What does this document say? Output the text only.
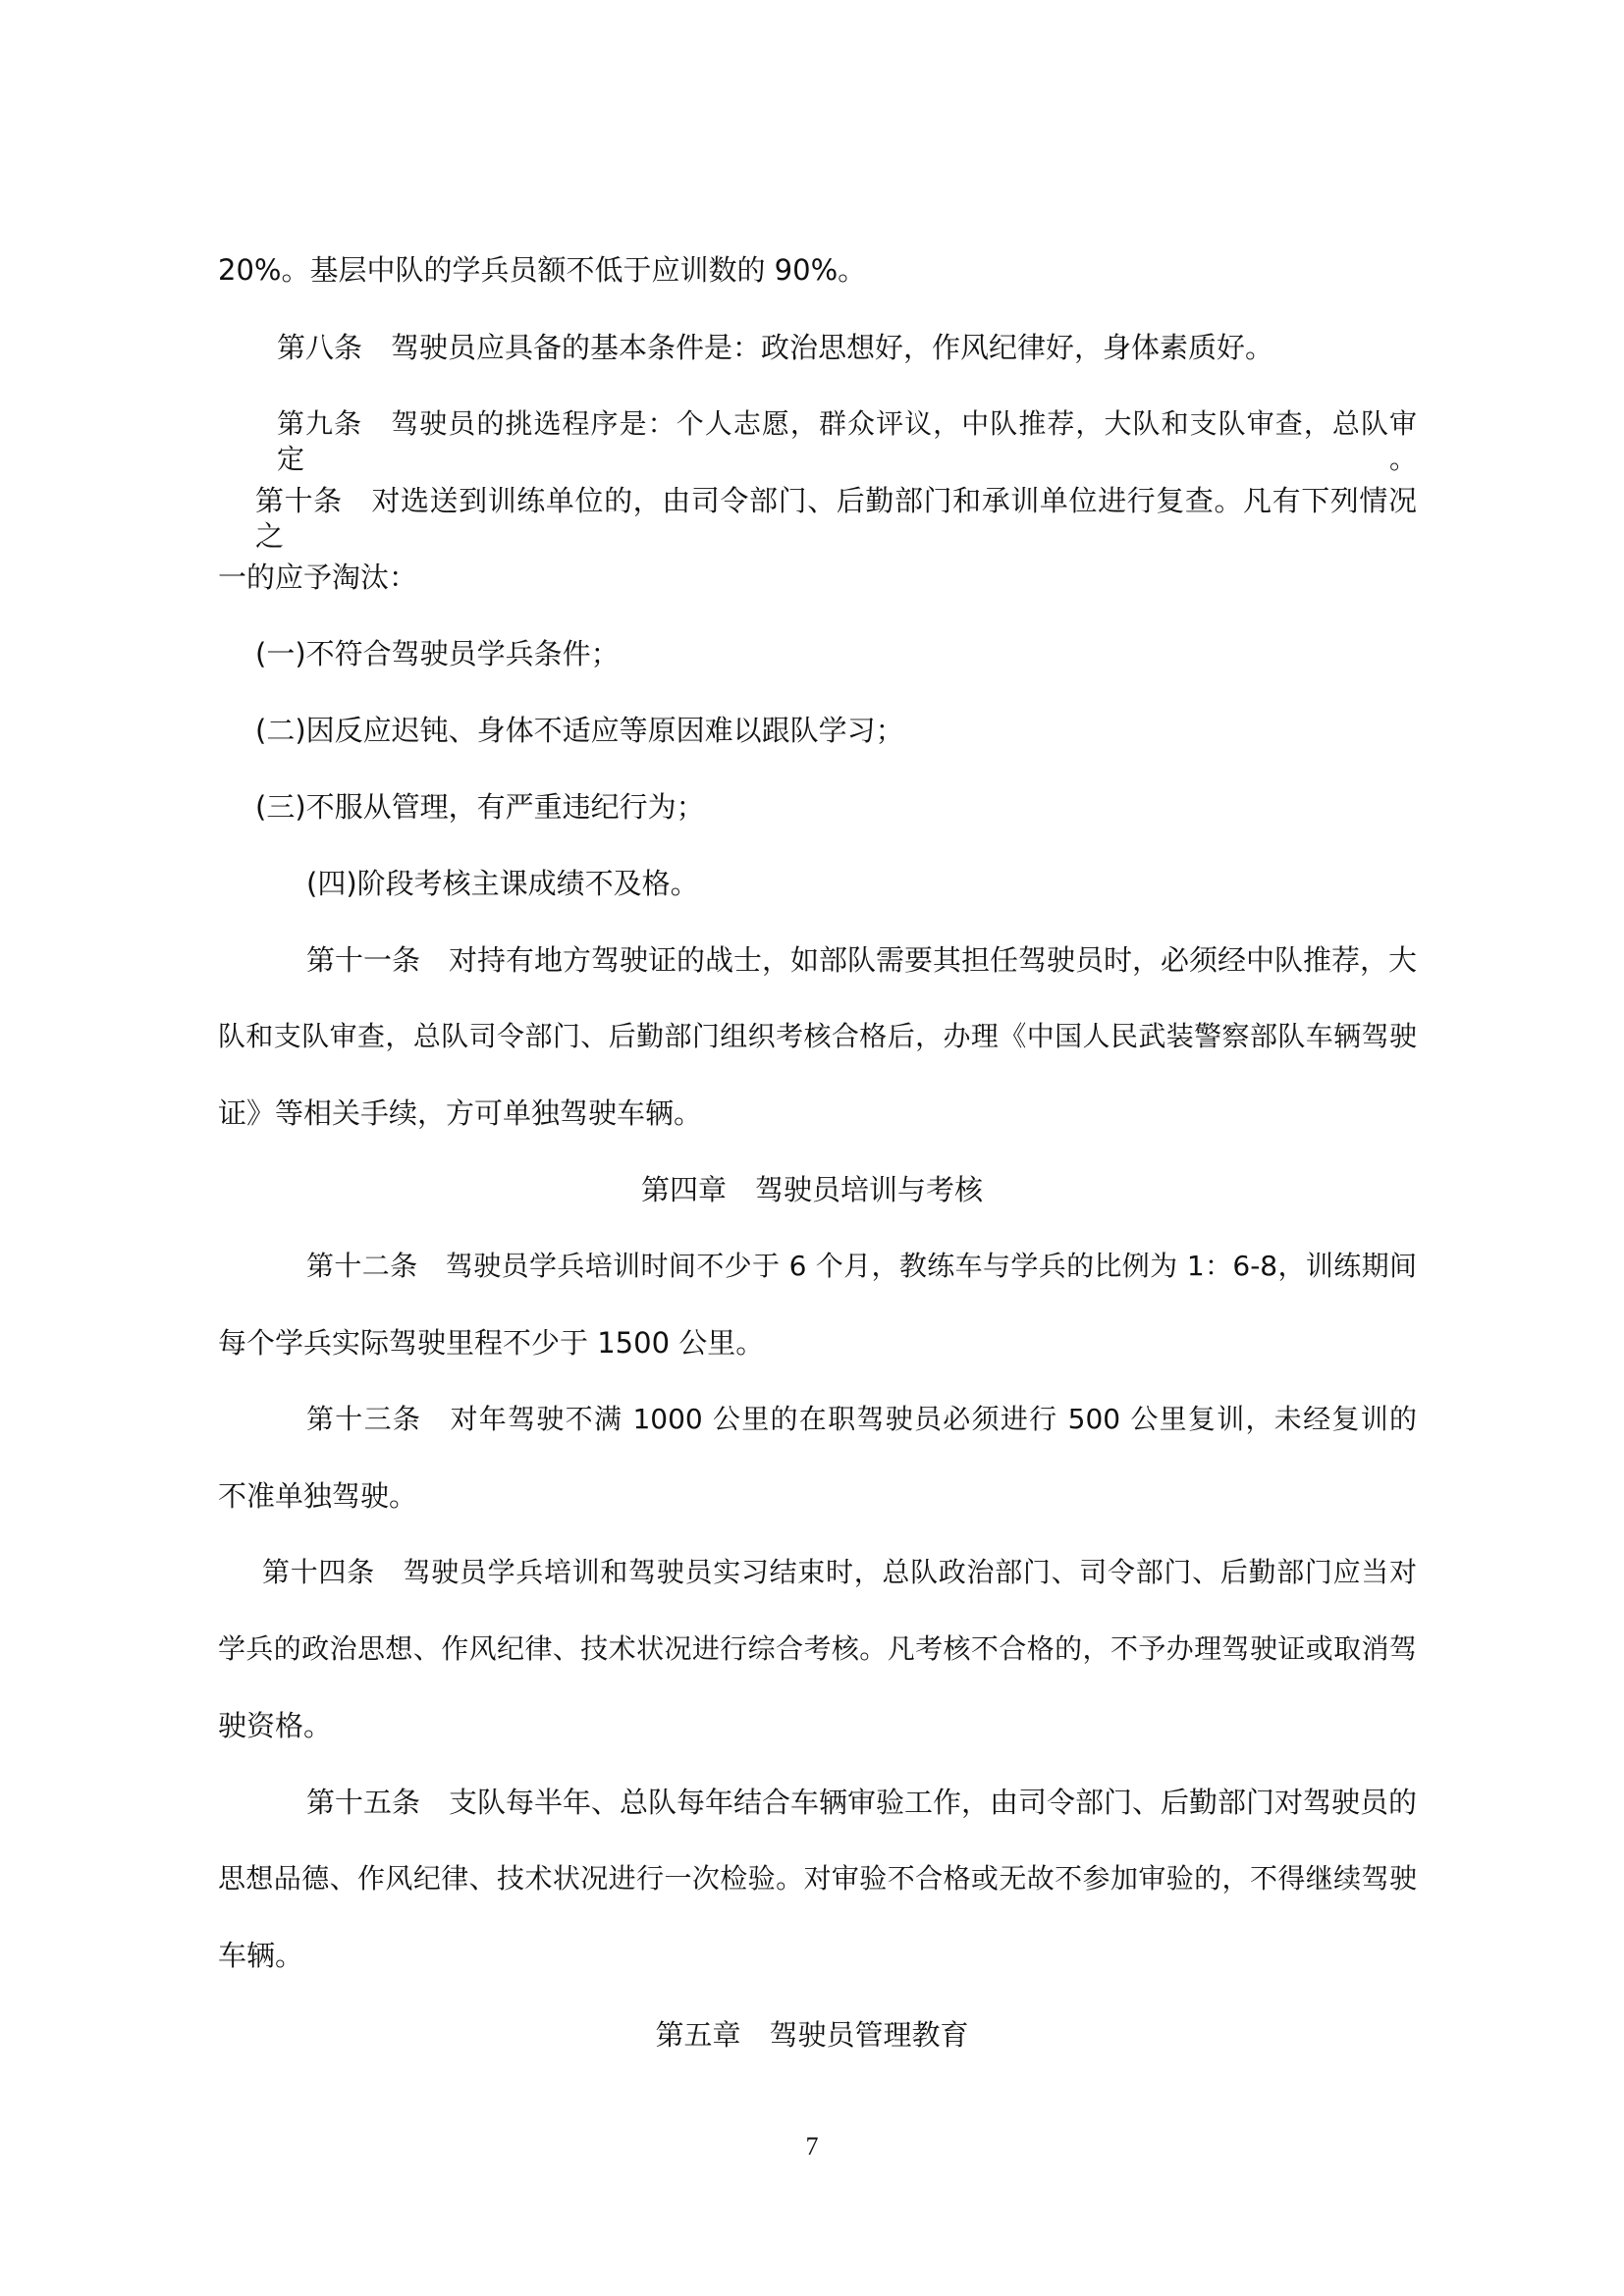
20%。基层中队的学兵员额不低于应训数的 90%。
第八条　驾驶员应具备的基本条件是：政治思想好，作风纪律好，身体素质好。
第九条　驾驶员的挑选程序是：个人志愿，群众评议，中队推荐，大队和支队审查，总队审定。
第十条　对选送到训练单位的，由司令部门、后勤部门和承训单位进行复查。凡有下列情况之
一的应予淘汰：
(一)不符合驾驶员学兵条件；
(二)因反应迟钝、身体不适应等原因难以跟队学习；
(三)不服从管理，有严重违纪行为；
(四)阶段考核主课成绩不及格。
第十一条　对持有地方驾驶证的战士，如部队需要其担任驾驶员时，必须经中队推荐，大
队和支队审查，总队司令部门、后勤部门组织考核合格后，办理《中国人民武装警察部队车辆驾驶
证》等相关手续，方可单独驾驶车辆。
第四章　驾驶员培训与考核
第十二条　驾驶员学兵培训时间不少于 6 个月，教练车与学兵的比例为 1：6-8，训练期间
每个学兵实际驾驶里程不少于 1500 公里。
第十三条　对年驾驶不满 1000 公里的在职驾驶员必须进行 500 公里复训，未经复训的
不准单独驾驶。
第十四条　驾驶员学兵培训和驾驶员实习结束时，总队政治部门、司令部门、后勤部门应当对
学兵的政治思想、作风纪律、技术状况进行综合考核。凡考核不合格的，不予办理驾驶证或取消驾
驶资格。
第十五条　支队每半年、总队每年结合车辆审验工作，由司令部门、后勤部门对驾驶员的
思想品德、作风纪律、技术状况进行一次检验。对审验不合格或无故不参加审验的，不得继续驾驶
车辆。
第五章　驾驶员管理教育
7
